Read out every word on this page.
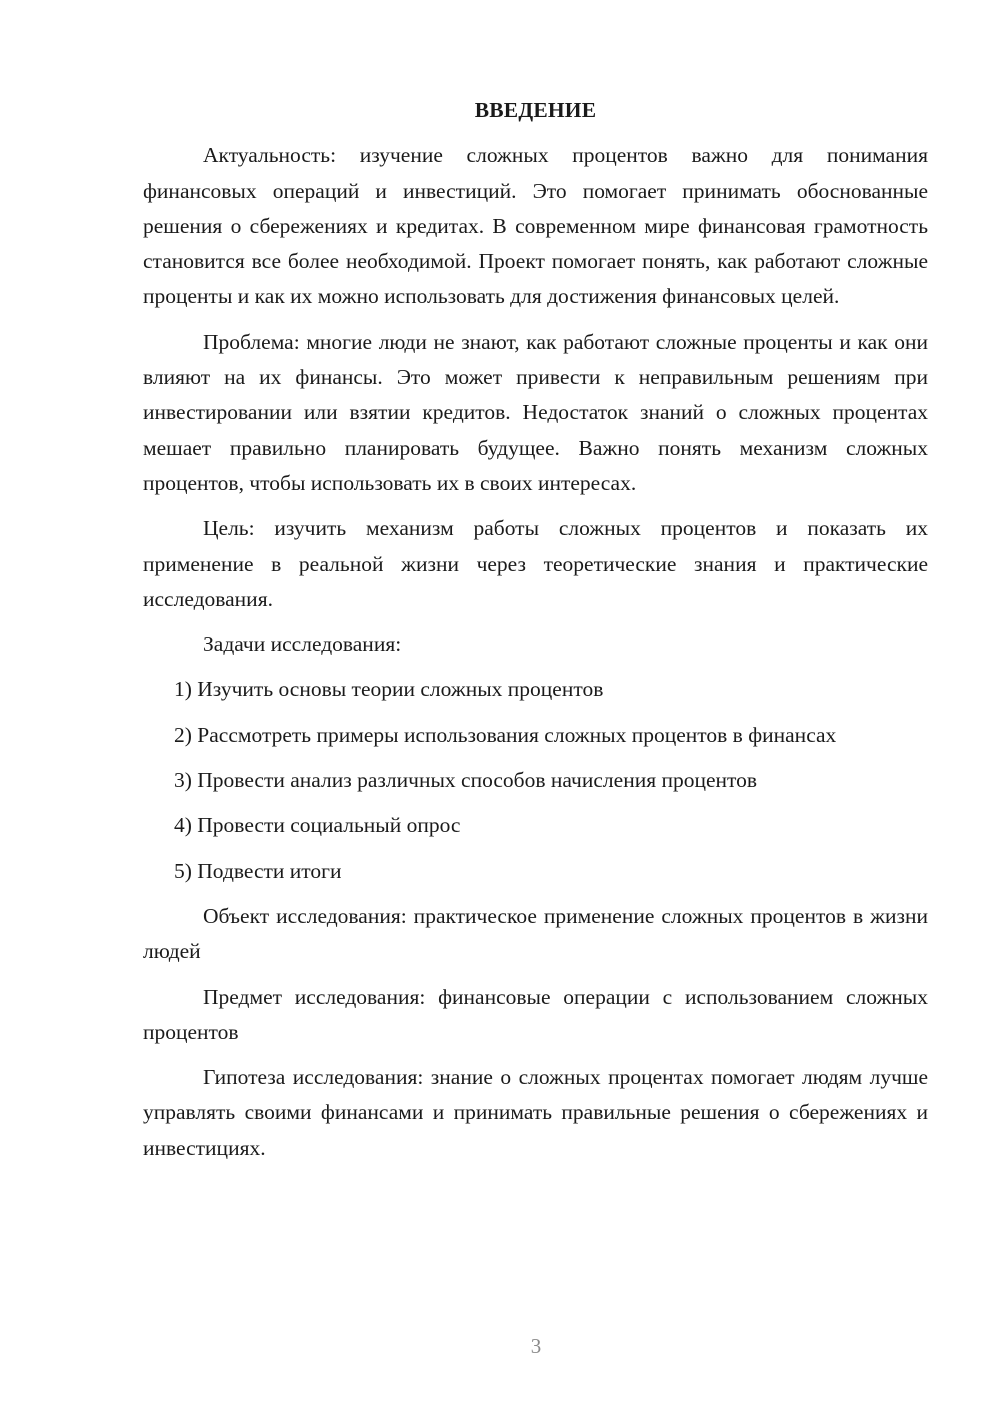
ВВЕДЕНИЕ

Актуальность: изучение сложных процентов важно для понимания финансовых операций и инвестиций. Это помогает принимать обоснованные решения о сбережениях и кредитах. В современном мире финансовая грамотность становится все более необходимой. Проект помогает понять, как работают сложные проценты и как их можно использовать для достижения финансовых целей.

Проблема: многие люди не знают, как работают сложные проценты и как они влияют на их финансы. Это может привести к неправильным решениям при инвестировании или взятии кредитов. Недостаток знаний о сложных процентах мешает правильно планировать будущее. Важно понять механизм сложных процентов, чтобы использовать их в своих интересах.

Цель: изучить механизм работы сложных процентов и показать их применение в реальной жизни через теоретические знания и практические исследования.

Задачи исследования:

1) Изучить основы теории сложных процентов

2) Рассмотреть примеры использования сложных процентов в финансах

3) Провести анализ различных способов начисления процентов

4) Провести социальный опрос

5) Подвести итоги

Объект исследования: практическое применение сложных процентов в жизни людей

Предмет исследования: финансовые операции с использованием сложных процентов

Гипотеза исследования: знание о сложных процентах помогает людям лучше управлять своими финансами и принимать правильные решения о сбережениях и инвестициях.

3
